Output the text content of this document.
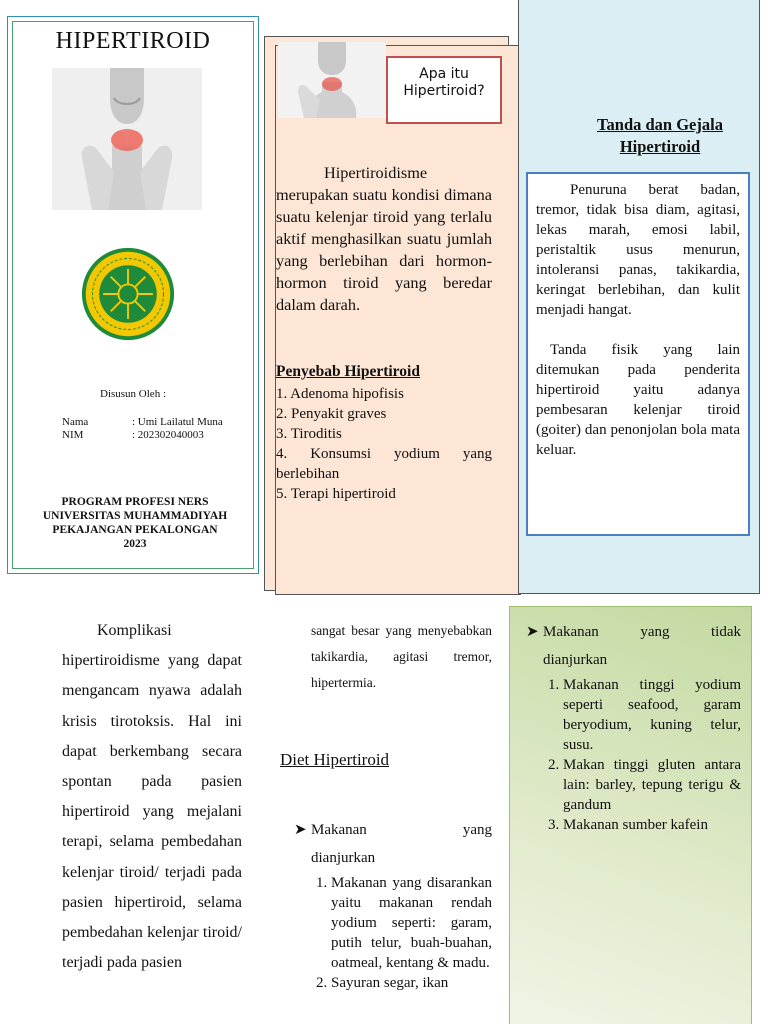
HIPERTIROID
Disusun Oleh :
Nama	: Umi Lailatul Muna
NIM	: 202302040003
PROGRAM PROFESI NERS
UNIVERSITAS MUHAMMADIYAH
PEKAJANGAN PEKALONGAN
2023
Apa itu
Hipertiroid?

Hipertiroidisme merupakan suatu kondisi dimana suatu kelenjar tiroid yang terlalu aktif menghasilkan suatu jumlah yang berlebihan dari hormon-hormon tiroid yang beredar dalam darah.

Penyebab Hipertiroid
1. Adenoma hipofisis
2. Penyakit graves
3. Tiroditis
4. Konsumsi yodium yang berlebihan
5. Terapi hipertiroid
Tanda dan Gejala
Hipertiroid

Penuruna berat badan, tremor, tidak bisa diam, agitasi, lekas marah, emosi labil, peristaltik usus menurun, intoleransi panas, takikardia, keringat berlebihan, dan kulit menjadi hangat.

Tanda fisik yang lain ditemukan pada penderita hipertiroid yaitu adanya pembesaran kelenjar tiroid (goiter) dan penonjolan bola mata keluar.

Komplikasi hipertiroidisme yang dapat mengancam nyawa adalah krisis tirotoksis. Hal ini dapat berkembang secara spontan pada pasien hipertiroid yang mejalani terapi, selama pembedahan kelenjar tiroid/ terjadi pada pasien hipertiroid, selama pembedahan kelenjar tiroid/ terjadi pada pasien

sangat besar yang menyebabkan takikardia, agitasi tremor, hipertermia.
Diet Hipertiroid
➤ Makanan	yang
dianjurkan
1. Makanan yang disarankan yaitu makanan rendah yodium seperti: garam, putih telur, buah-buahan, oatmeal, kentang & madu.
2. Sayuran segar, ikan
➤ Makanan yang tidak
dianjurkan
1. Makanan tinggi yodium seperti seafood, garam beryodium, kuning telur, susu.
2. Makan tinggi gluten antara lain: barley, tepung terigu & gandum
3. Makanan sumber kafein
